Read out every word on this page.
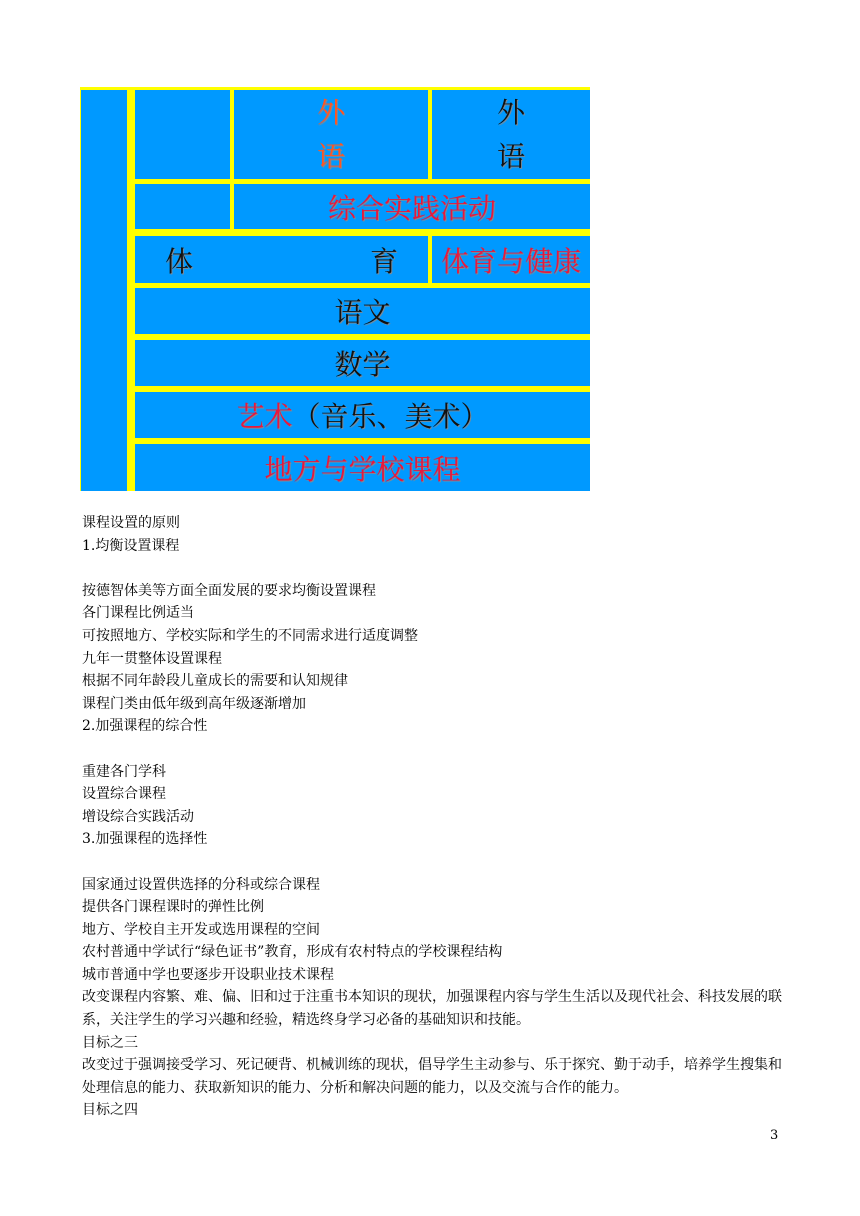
外
语
外
语
综合实践活动
体	育 体育与健康
语文
数学
艺术 （音乐、美术）
地方与学校课程
课程设置的原则
1.均衡设置课程
按德智体美等方面全面发展的要求均衡设置课程
各门课程比例适当
可按照地方、学校实际和学生的不同需求进行适度调整
九年一贯整体设置课程
根据不同年龄段儿童成长的需要和认知规律
课程门类由低年级到高年级逐渐增加
2.加强课程的综合性
重建各门学科
设置综合课程
增设综合实践活动
3.加强课程的选择性
国家通过设置供选择的分科或综合课程
提供各门课程课时的弹性比例
地方、学校自主开发或选用课程的空间
农村普通中学试行“绿色证书”教育，形成有农村特点的学校课程结构
城市普通中学也要逐步开设职业技术课程
改变课程内容繁、难、偏、旧和过于注重书本知识的现状，加强课程内容与学生生活以及现代社会、科技发展的联系，关注学生的学习兴趣和经验，精选终身学习必备的基础知识和技能。
目标之三
改变过于强调接受学习、死记硬背、机械训练的现状，倡导学生主动参与、乐于探究、勤于动手，培养学生搜集和处理信息的能力、获取新知识的能力、分析和解决问题的能力，以及交流与合作的能力。
目标之四
3
